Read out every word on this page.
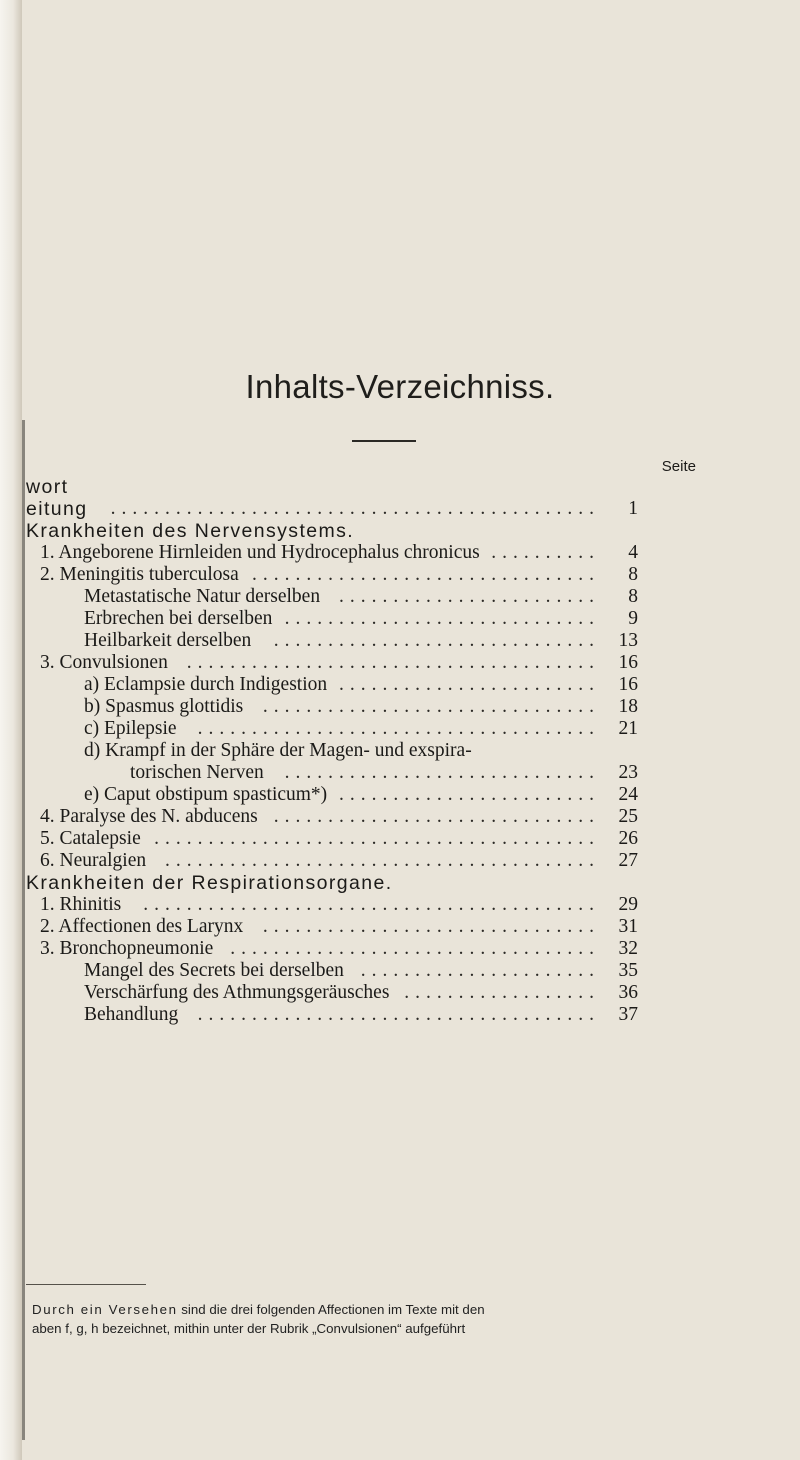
Inhalts-Verzeichniss.
Seite
wort
eitung ............................................. 1
Krankheiten des Nervensystems.
1. Angeborene Hirnleiden und Hydrocephalus chronicus .......... 4
2. Meningitis tuberculosa ................................ 8
Metastatische Natur derselben ........................ 8
Erbrechen bei derselben ............................. 9
Heilbarkeit derselben .............................. 13
3. Convulsionen ...................................... 16
a) Eclampsie durch Indigestion ........................ 16
b) Spasmus glottidis ............................... 18
c) Epilepsie ..................................... 21
d) Krampf in der Sphäre der Magen- und exspira-
torischen Nerven ............................. 23
e) Caput obstipum spasticum*) ........................ 24
4. Paralyse des N. abducens .............................. 25
5. Catalepsie ......................................... 26
6. Neuralgien ........................................ 27
Krankheiten der Respirationsorgane.
1. Rhinitis .......................................... 29
2. Affectionen des Larynx ............................... 31
3. Bronchopneumonie .................................. 32
Mangel des Secrets bei derselben ...................... 35
Verschärfung des Athmungsgeräusches .................. 36
Behandlung ..................................... 37
Durch ein Versehen sind die drei folgenden Affectionen im Texte mit den
aben f, g, h bezeichnet, mithin unter der Rubrik „Convulsionen“ aufgeführt
